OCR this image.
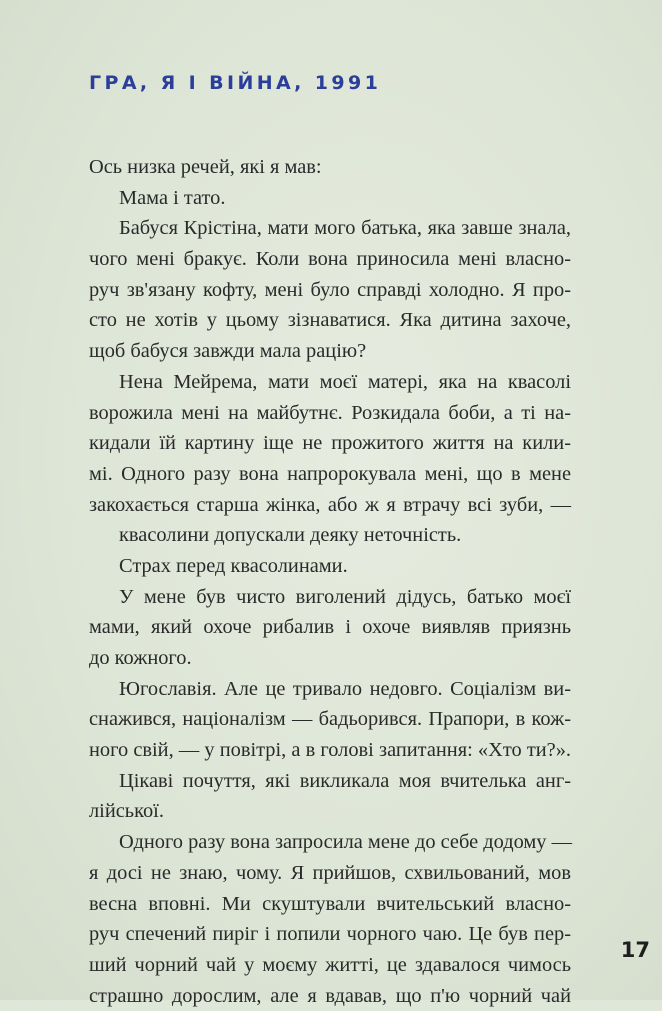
ГРА, Я І ВІЙНА, 1991
Ось низка речей, які я мав:
Мама і тато.
Бабуся Крістіна, мати мого батька, яка завше знала,
чого мені бракує. Коли вона приносила мені власно-
руч зв'язану кофту, мені було справді холодно. Я про-
сто не хотів у цьому зізнаватися. Яка дитина захоче,
щоб бабуся завжди мала рацію?
Нена Мейрема, мати моєї матері, яка на квасолі
ворожила мені на майбутнє. Розкидала боби, а ті на-
кидали їй картину іще не прожитого життя на кили-
мі. Одного разу вона напророкувала мені, що в мене
закохається старша жінка, або ж я втрачу всі зуби, —
квасолини допускали деяку неточність.
Страх перед квасолинами.
У мене був чисто виголений дідусь, батько моєї
мами, який охоче рибалив і охоче виявляв приязнь
до кожного.
Югославія. Але це тривало недовго. Соціалізм ви-
снажився, націоналізм — бадьорився. Прапори, в кож-
ного свій, — у повітрі, а в голові запитання: «Хто ти?».
Цікаві почуття, які викликала моя вчителька анг-
лійської.
Одного разу вона запросила мене до себе додому —
я досі не знаю, чому. Я прийшов, схвильований, мов
весна вповні. Ми скуштували вчительський власно-
руч спечений пиріг і попили чорного чаю. Це був пер-
ший чорний чай у моєму житті, це здавалося чимось
страшно дорослим, але я вдавав, що п'ю чорний чай
17
